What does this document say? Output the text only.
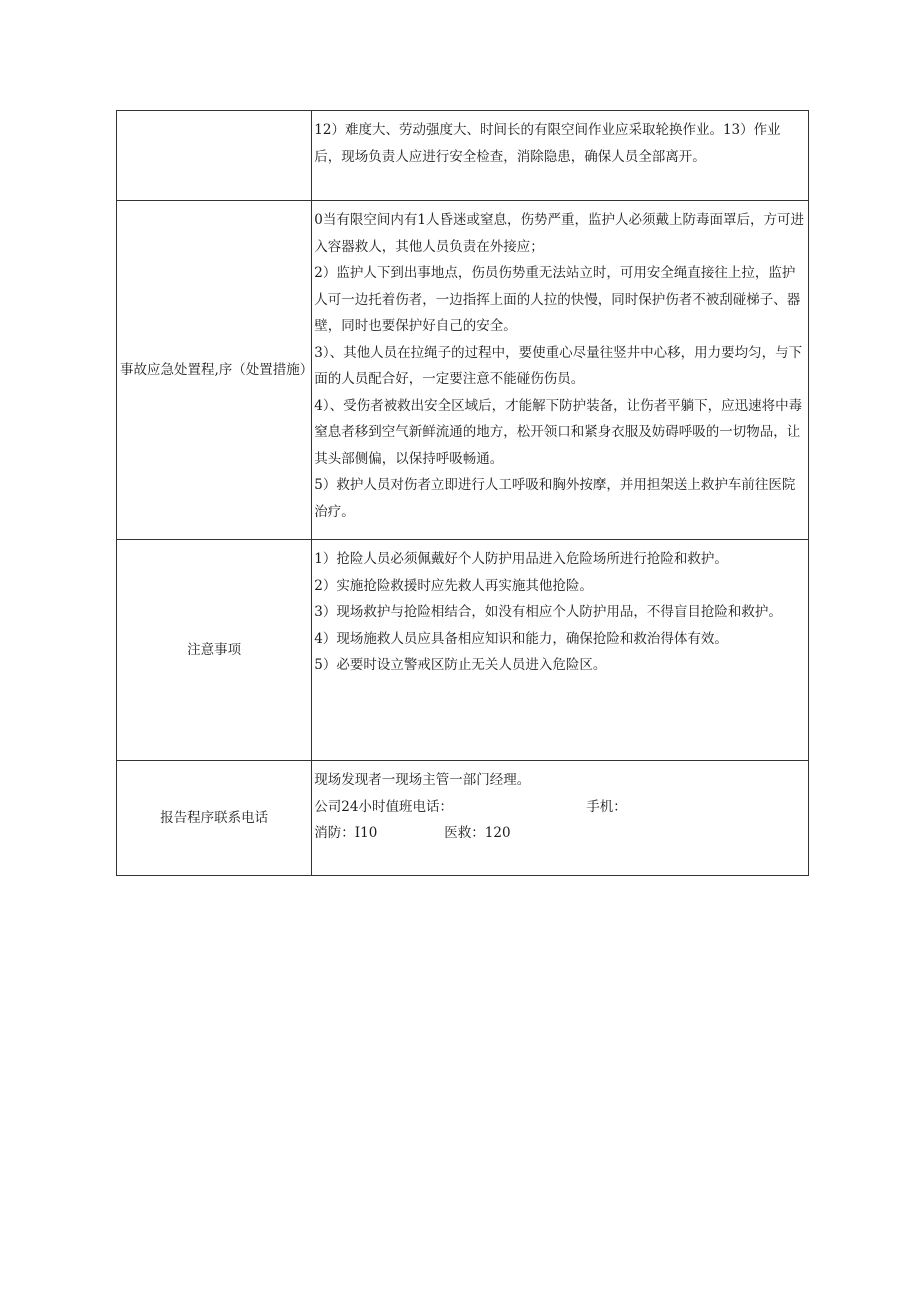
	12）难度大、劳动强度大、时间长的有限空间作业应采取轮换作业。13）作业后，现场负责人应进行安全检查，消除隐患，确保人员全部离开。

事故应急处置程,序（处置措施）	0当有限空间内有1人昏迷或窒息，伤势严重，监护人必须戴上防毒面罩后，方可进入容器救人，其他人员负责在外接应；

2）监护人下到出事地点，伤员伤势重无法站立时，可用安全绳直接往上拉，监护人可一边托着伤者，一边指挥上面的人拉的快慢，同时保护伤者不被刮碰梯子、器壁，同时也要保护好自己的安全。

3）、其他人员在拉绳子的过程中，要使重心尽量往竖井中心移，用力要均匀，与下面的人员配合好，一定要注意不能碰伤伤员。

4）、受伤者被救出安全区域后，才能解下防护装备，让伤者平躺下，应迅速将中毒窒息者移到空气新鲜流通的地方，松开领口和紧身衣服及妨碍呼吸的一切物品，让其头部侧偏，以保持呼吸畅通。

5）救护人员对伤者立即进行人工呼吸和胸外按摩，并用担架送上救护车前往医院治疗。

注意事项	1）抢险人员必须佩戴好个人防护用品进入危险场所进行抢险和救护。

2）实施抢险救援时应先救人再实施其他抢险。

3）现场救护与抢险相结合，如没有相应个人防护用品，不得盲目抢险和救护。

4）现场施救人员应具备相应知识和能力，确保抢险和救治得体有效。

5）必要时设立警戒区防止无关人员进入危险区。

报告程序联系电话	现场发现者一现场主管一部门经理。

公司24小时值班电话： 手机：

消防：I10 医救：120
